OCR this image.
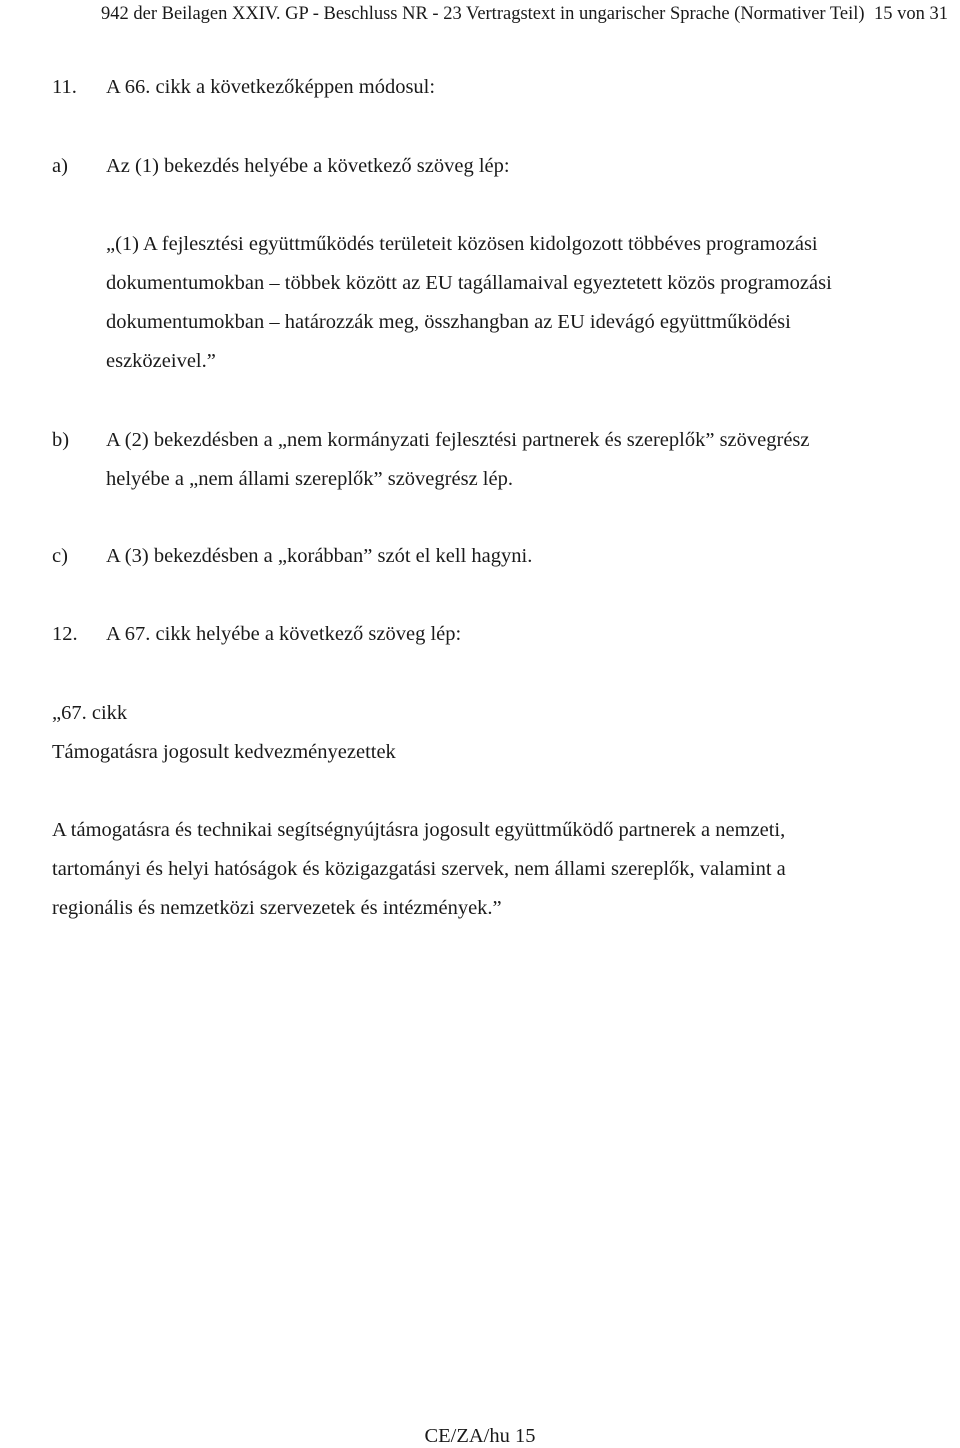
942 der Beilagen XXIV. GP - Beschluss NR - 23 Vertragstext in ungarischer Sprache (Normativer Teil) 15 von 31
11. A 66. cikk a következőképpen módosul:
a) Az (1) bekezdés helyébe a következő szöveg lép:
„(1) A fejlesztési együttműködés területeit közösen kidolgozott többéves programozási
dokumentumokban – többek között az EU tagállamaival egyeztetett közös programozási
dokumentumokban – határozzák meg, összhangban az EU idevágó együttműködési
eszközeivel.”
b) A (2) bekezdésben a „nem kormányzati fejlesztési partnerek és szereplők” szövegrész
helyébe a „nem állami szereplők” szövegrész lép.
c) A (3) bekezdésben a „korábban” szót el kell hagyni.
12. A 67. cikk helyébe a következő szöveg lép:
„67. cikk
Támogatásra jogosult kedvezményezettek
A támogatásra és technikai segítségnyújtásra jogosult együttműködő partnerek a nemzeti,
tartományi és helyi hatóságok és közigazgatási szervek, nem állami szereplők, valamint a
regionális és nemzetközi szervezetek és intézmények.”
CE/ZA/hu 15
